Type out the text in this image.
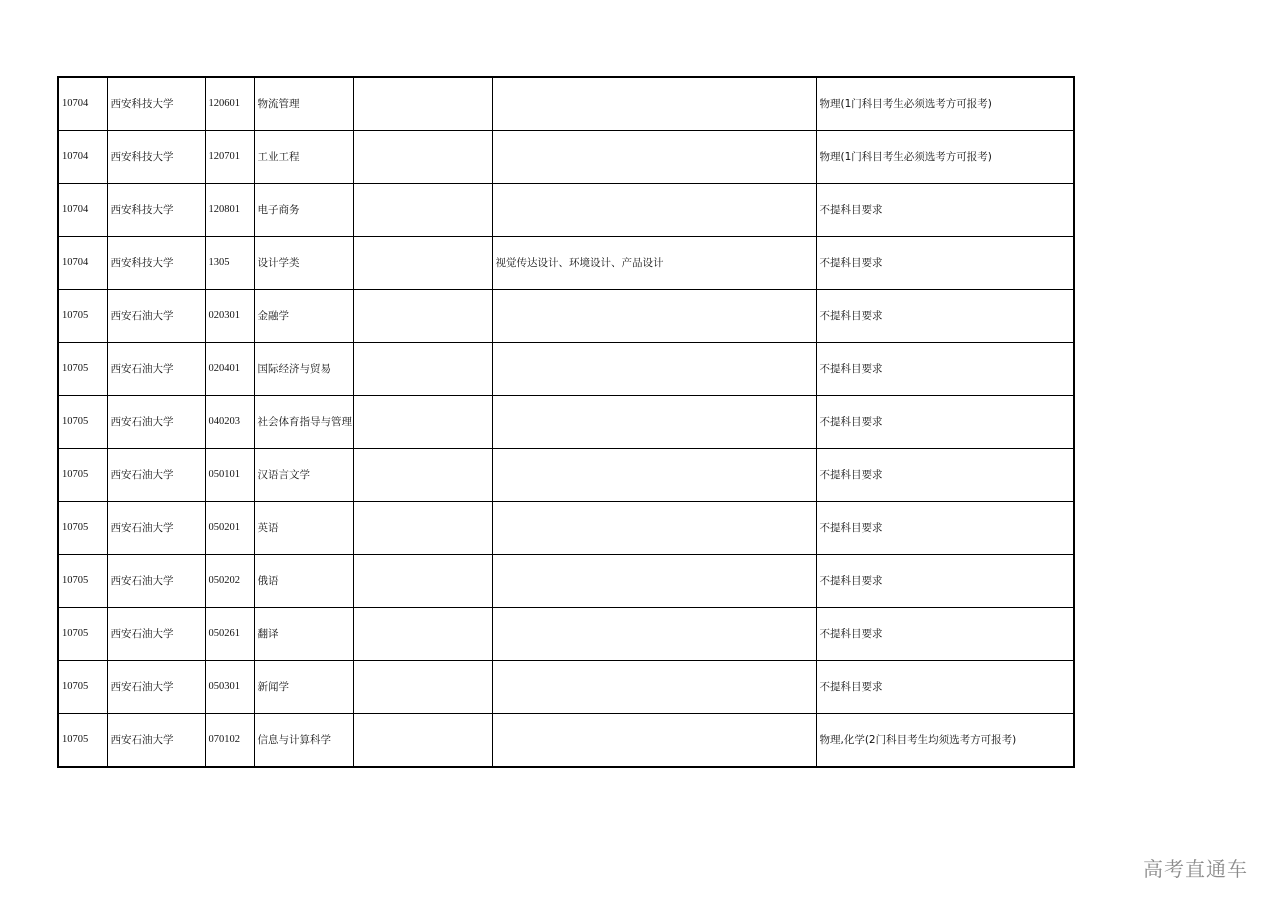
10704	西安科技大学	120601	物流管理			物理(1门科目考生必须选考方可报考)
10704	西安科技大学	120701	工业工程			物理(1门科目考生必须选考方可报考)
10704	西安科技大学	120801	电子商务			不提科目要求
10704	西安科技大学	1305	设计学类		视觉传达设计、环境设计、产品设计	不提科目要求
10705	西安石油大学	020301	金融学			不提科目要求
10705	西安石油大学	020401	国际经济与贸易			不提科目要求
10705	西安石油大学	040203	社会体育指导与管理			不提科目要求
10705	西安石油大学	050101	汉语言文学			不提科目要求
10705	西安石油大学	050201	英语			不提科目要求
10705	西安石油大学	050202	俄语			不提科目要求
10705	西安石油大学	050261	翻译			不提科目要求
10705	西安石油大学	050301	新闻学			不提科目要求
10705	西安石油大学	070102	信息与计算科学			物理,化学(2门科目考生均须选考方可报考)
高考直通车
